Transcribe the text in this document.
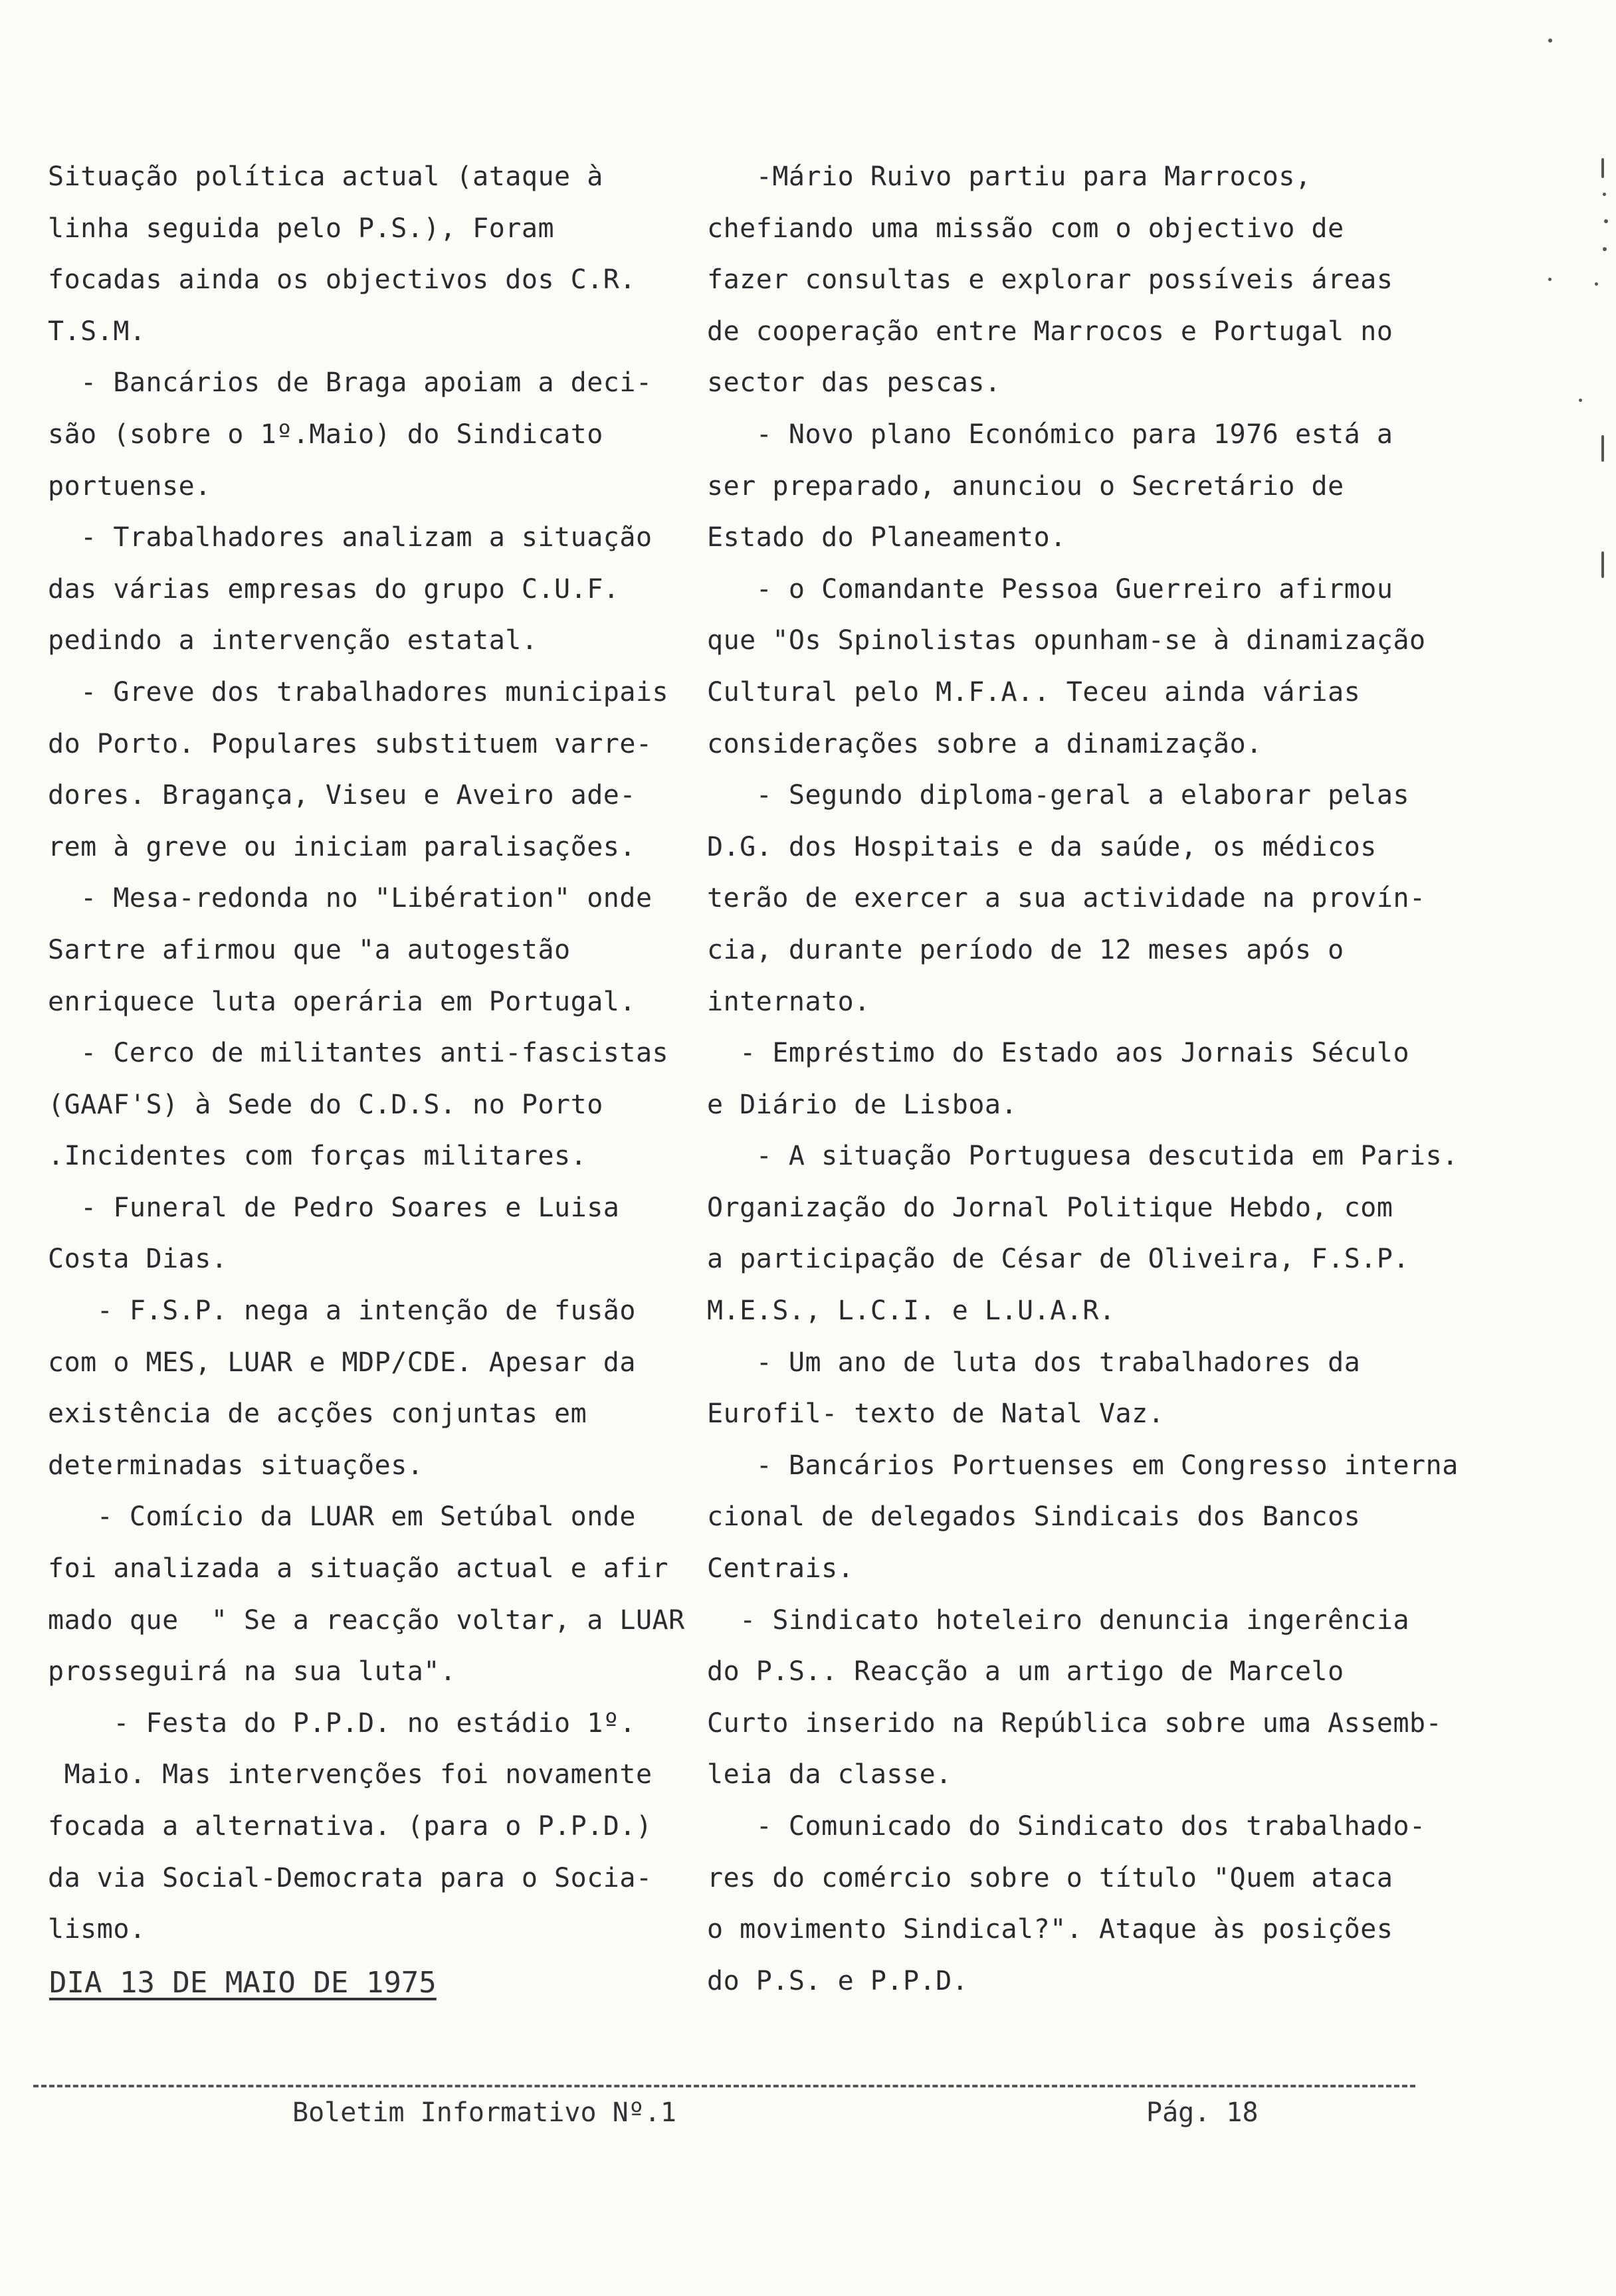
Situação política actual (ataque à
linha seguida pelo P.S.), Foram
focadas ainda os objectivos dos C.R.
T.S.M.
- Bancários de Braga apoiam a deci-
são (sobre o 1º.Maio) do Sindicato
portuense.
- Trabalhadores analizam a situação
das várias empresas do grupo C.U.F.
pedindo a intervenção estatal.
- Greve dos trabalhadores municipais
do Porto. Populares substituem varre-
dores. Bragança, Viseu e Aveiro ade-
rem à greve ou iniciam paralisações.
- Mesa-redonda no "Libération" onde
Sartre afirmou que "a autogestão
enriquece luta operária em Portugal.
- Cerco de militantes anti-fascistas
(GAAF'S) à Sede do C.D.S. no Porto
.Incidentes com forças militares.
- Funeral de Pedro Soares e Luisa
Costa Dias.
- F.S.P. nega a intenção de fusão
com o MES, LUAR e MDP/CDE. Apesar da
existência de acções conjuntas em
determinadas situações.
- Comício da LUAR em Setúbal onde
foi analizada a situação actual e afir
mado que  " Se a reacção voltar, a LUAR
prosseguirá na sua luta".
- Festa do P.P.D. no estádio 1º.
Maio. Mas intervenções foi novamente
focada a alternativa. (para o P.P.D.)
da via Social-Democrata para o Socia-
lismo.
-Mário Ruivo partiu para Marrocos,
chefiando uma missão com o objectivo de
fazer consultas e explorar possíveis áreas
de cooperação entre Marrocos e Portugal no
sector das pescas.
- Novo plano Económico para 1976 está a
ser preparado, anunciou o Secretário de
Estado do Planeamento.
- o Comandante Pessoa Guerreiro afirmou
que "Os Spinolistas opunham-se à dinamização
Cultural pelo M.F.A.. Teceu ainda várias
considerações sobre a dinamização.
- Segundo diploma-geral a elaborar pelas
D.G. dos Hospitais e da saúde, os médicos
terão de exercer a sua actividade na provín-
cia, durante período de 12 meses após o
internato.
- Empréstimo do Estado aos Jornais Século
e Diário de Lisboa.
- A situação Portuguesa descutida em Paris.
Organização do Jornal Politique Hebdo, com
a participação de César de Oliveira, F.S.P.
M.E.S., L.C.I. e L.U.A.R.
- Um ano de luta dos trabalhadores da
Eurofil- texto de Natal Vaz.
- Bancários Portuenses em Congresso interna
cional de delegados Sindicais dos Bancos
Centrais.
- Sindicato hoteleiro denuncia ingerência
do P.S.. Reacção a um artigo de Marcelo
Curto inserido na República sobre uma Assemb-
leia da classe.
- Comunicado do Sindicato dos trabalhado-
res do comércio sobre o título "Quem ataca
o movimento Sindical?". Ataque às posições
do P.S. e P.P.D.
DIA 13 DE MAIO DE 1975
Boletim Informativo Nº.1	Pág. 18
